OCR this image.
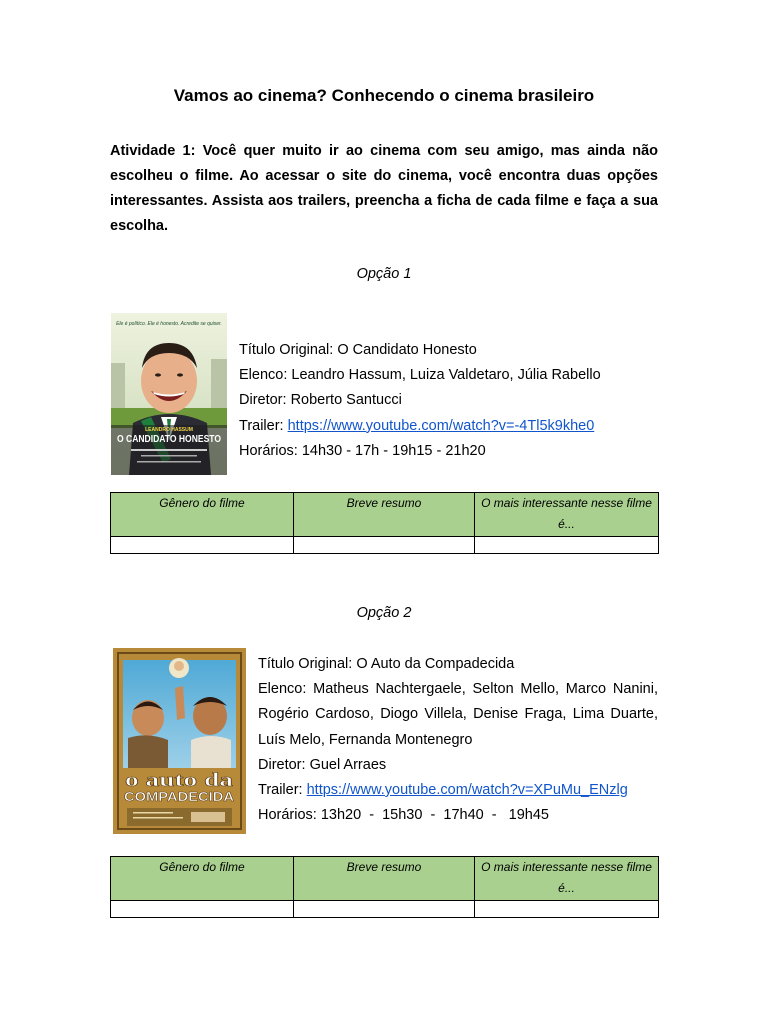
Vamos ao cinema? Conhecendo o cinema brasileiro
Atividade 1: Você quer muito ir ao cinema com seu amigo, mas ainda não escolheu o filme. Ao acessar o site do cinema, você encontra duas opções interessantes. Assista aos trailers, preencha a ficha de cada filme e faça a sua escolha.
Opção 1
Ele é político. Ele é honesto. Acredite se quiser.
LEANDRO HASSUM
O CANDIDATO HONESTO
Título Original: O Candidato Honesto
Elenco: Leandro Hassum, Luiza Valdetaro, Júlia Rabello
Diretor: Roberto Santucci
Trailer: https://www.youtube.com/watch?v=-4Tl5k9khe0
Horários: 14h30 - 17h - 19h15 - 21h20
Gênero do filme	Breve resumo	O mais interessante nesse filme é...

Opção 2
o auto da
COMPADECIDA
Título Original: O Auto da Compadecida
Elenco: Matheus Nachtergaele, Selton Mello, Marco Nanini, Rogério Cardoso, Diogo Villela, Denise Fraga, Lima Duarte, Luís Melo, Fernanda Montenegro
Diretor: Guel Arraes
Trailer: https://www.youtube.com/watch?v=XPuMu_ENzlg
Horários: 13h20  -  15h30  -  17h40  -   19h45
Gênero do filme	Breve resumo	O mais interessante nesse filme é...
